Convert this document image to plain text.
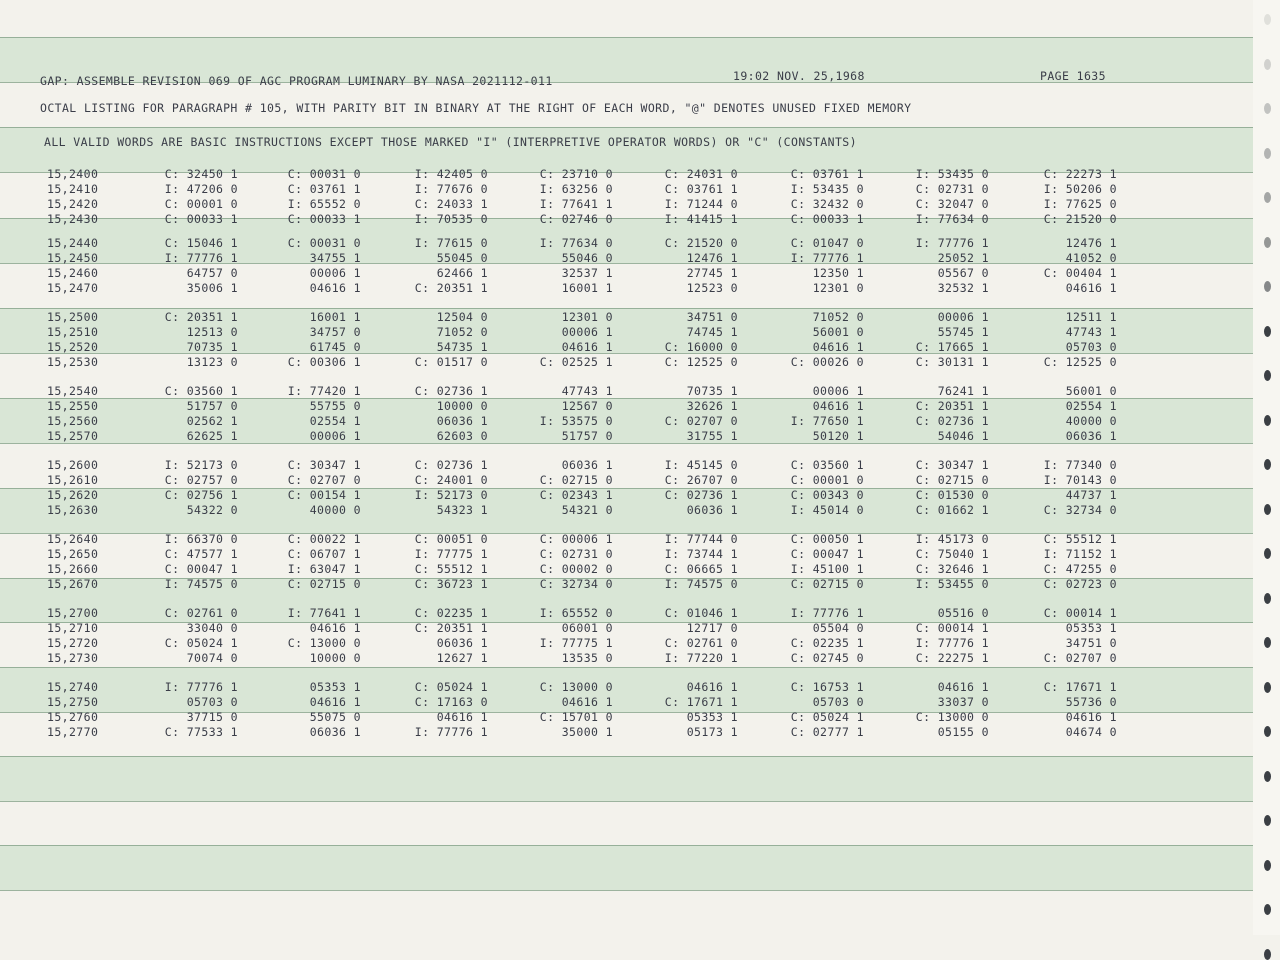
GAP: ASSEMBLE REVISION 069 OF AGC PROGRAM LUMINARY BY NASA 2021112-011	19:02 NOV. 25,1968	PAGE 1635
OCTAL LISTING FOR PARAGRAPH # 105, WITH PARITY BIT IN BINARY AT THE RIGHT OF EACH WORD, "@" DENOTES UNUSED FIXED MEMORY
ALL VALID WORDS ARE BASIC INSTRUCTIONS EXCEPT THOSE MARKED "I" (INTERPRETIVE OPERATOR WORDS) OR "C" (CONSTANTS)
15,2400	C: 32450 1	C: 00031 0	I: 42405 0	C: 23710 0	C: 24031 0	C: 03761 1	I: 53435 0	C: 22273 1
15,2410	I: 47206 0	C: 03761 1	I: 77676 0	I: 63256 0	C: 03761 1	I: 53435 0	C: 02731 0	I: 50206 0
15,2420	C: 00001 0	I: 65552 0	C: 24033 1	I: 77641 1	I: 71244 0	C: 32432 0	C: 32047 0	I: 77625 0
15,2430	C: 00033 1	C: 00033 1	I: 70535 0	C: 02746 0	I: 41415 1	C: 00033 1	I: 77634 0	C: 21520 0
15,2440	C: 15046 1	C: 00031 0	I: 77615 0	I: 77634 0	C: 21520 0	C: 01047 0	I: 77776 1	12476 1
15,2450	I: 77776 1	34755 1	55045 0	55046 0	12476 1	I: 77776 1	25052 1	41052 0
15,2460	64757 0	00006 1	62466 1	32537 1	27745 1	12350 1	05567 0	C: 00404 1
15,2470	35006 1	04616 1	C: 20351 1	16001 1	12523 0	12301 0	32532 1	04616 1
15,2500	C: 20351 1	16001 1	12504 0	12301 0	34751 0	71052 0	00006 1	12511 1
15,2510	12513 0	34757 0	71052 0	00006 1	74745 1	56001 0	55745 1	47743 1
15,2520	70735 1	61745 0	54735 1	04616 1	C: 16000 0	04616 1	C: 17665 1	05703 0
15,2530	13123 0	C: 00306 1	C: 01517 0	C: 02525 1	C: 12525 0	C: 00026 0	C: 30131 1	C: 12525 0
15,2540	C: 03560 1	I: 77420 1	C: 02736 1	47743 1	70735 1	00006 1	76241 1	56001 0
15,2550	51757 0	55755 0	10000 0	12567 0	32626 1	04616 1	C: 20351 1	02554 1
15,2560	02562 1	02554 1	06036 1	I: 53575 0	C: 02707 0	I: 77650 1	C: 02736 1	40000 0
15,2570	62625 1	00006 1	62603 0	51757 0	31755 1	50120 1	54046 1	06036 1
15,2600	I: 52173 0	C: 30347 1	C: 02736 1	06036 1	I: 45145 0	C: 03560 1	C: 30347 1	I: 77340 0
15,2610	C: 02757 0	C: 02707 0	C: 24001 0	C: 02715 0	C: 26707 0	C: 00001 0	C: 02715 0	I: 70143 0
15,2620	C: 02756 1	C: 00154 1	I: 52173 0	C: 02343 1	C: 02736 1	C: 00343 0	C: 01530 0	44737 1
15,2630	54322 0	40000 0	54323 1	54321 0	06036 1	I: 45014 0	C: 01662 1	C: 32734 0
15,2640	I: 66370 0	C: 00022 1	C: 00051 0	C: 00006 1	I: 77744 0	C: 00050 1	I: 45173 0	C: 55512 1
15,2650	C: 47577 1	C: 06707 1	I: 77775 1	C: 02731 0	I: 73744 1	C: 00047 1	C: 75040 1	I: 71152 1
15,2660	C: 00047 1	I: 63047 1	C: 55512 1	C: 00002 0	C: 06665 1	I: 45100 1	C: 32646 1	C: 47255 0
15,2670	I: 74575 0	C: 02715 0	C: 36723 1	C: 32734 0	I: 74575 0	C: 02715 0	I: 53455 0	C: 02723 0
15,2700	C: 02761 0	I: 77641 1	C: 02235 1	I: 65552 0	C: 01046 1	I: 77776 1	05516 0	C: 00014 1
15,2710	33040 0	04616 1	C: 20351 1	06001 0	12717 0	05504 0	C: 00014 1	05353 1
15,2720	C: 05024 1	C: 13000 0	06036 1	I: 77775 1	C: 02761 0	C: 02235 1	I: 77776 1	34751 0
15,2730	70074 0	10000 0	12627 1	13535 0	I: 77220 1	C: 02745 0	C: 22275 1	C: 02707 0
15,2740	I: 77776 1	05353 1	C: 05024 1	C: 13000 0	04616 1	C: 16753 1	04616 1	C: 17671 1
15,2750	05703 0	04616 1	C: 17163 0	04616 1	C: 17671 1	05703 0	33037 0	55736 0
15,2760	37715 0	55075 0	04616 1	C: 15701 0	05353 1	C: 05024 1	C: 13000 0	04616 1
15,2770	C: 77533 1	06036 1	I: 77776 1	35000 1	05173 1	C: 02777 1	05155 0	04674 0
